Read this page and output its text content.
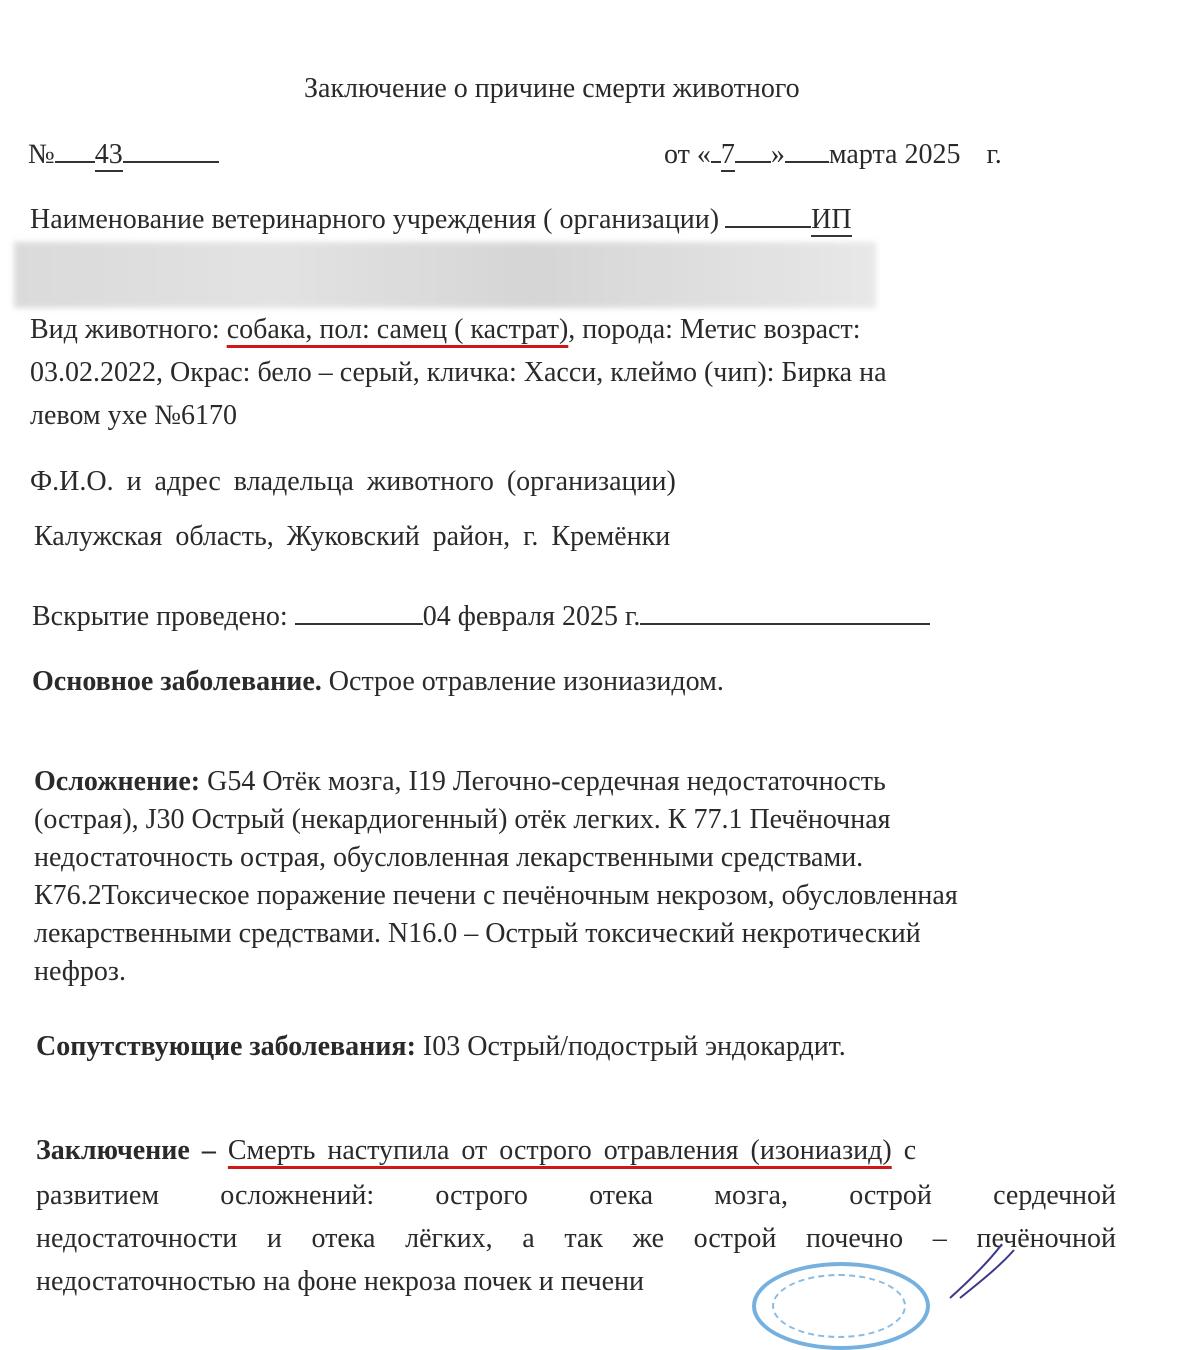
Заключение о причине смерти животного
№ 43	от « 7 » марта 2025 г.
Наименование ветеринарного учреждения ( организации)	ИП
Вид животного: собака, пол: самец ( кастрат), порода: Метис возраст:
03.02.2022, Окрас: бело – серый, кличка: Хасси, клеймо (чип): Бирка на
левом ухе №6170
Ф.И.О. и адрес владельца животного (организации)
Калужская область, Жуковский район, г. Кремёнки
Вскрытие проведено:	04 февраля 2025 г.
Основное заболевание. Острое отравление изониазидом.
Осложнение: G54 Отёк мозга, I19 Легочно-сердечная недостаточность
(острая), J30 Острый (некардиогенный) отёк легких. К 77.1 Печёночная
недостаточность острая, обусловленная лекарственными средствами.
К76.2Токсическое поражение печени с печёночным некрозом, обусловленная
лекарственными средствами. N16.0 – Острый токсический некротический
нефроз.
Сопутствующие заболевания: I03 Острый/подострый эндокардит.
Заключение – Смерть наступила от острого отравления (изониазид) с
развитием осложнений: острого отека мозга, острой сердечной
недостаточности и отека лёгких, а так же острой почечно – печёночной
недостаточностью на фоне некроза почек и печени
